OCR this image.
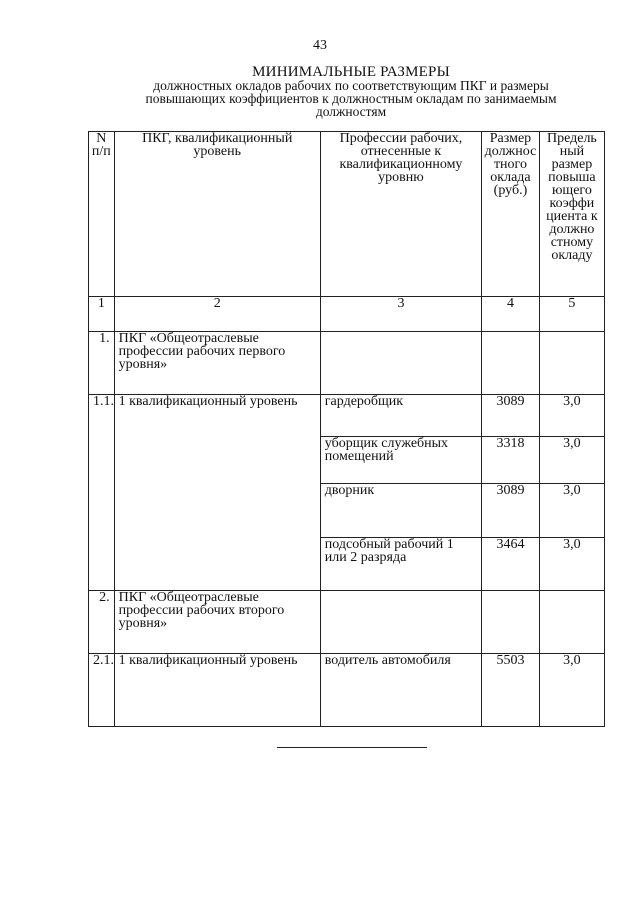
43
МИНИМАЛЬНЫЕ РАЗМЕРЫ
должностных окладов рабочих по соответствующим ПКГ и размеры
повышающих коэффициентов к должностным окладам по занимаемым
должностям
N п/п	ПКГ, квалификационный уровень	Профессии рабочих, отнесенные к квалификационному уровню	Размер должнос тного оклада (руб.)	Предель ный размер повыша ющего коэффи циента к должно стному окладу
1	2	3	4	5
1.	ПКГ «Общеотраслевые профессии рабочих первого уровня»			
1.1.	1 квалификационный уровень	гардеробщик	3089	3,0
		уборщик служебных помещений	3318	3,0
		дворник	3089	3,0
		подсобный рабочий 1 или 2 разряда	3464	3,0
2.	ПКГ «Общеотраслевые профессии рабочих второго уровня»			
2.1.	1 квалификационный уровень	водитель автомобиля	5503	3,0
